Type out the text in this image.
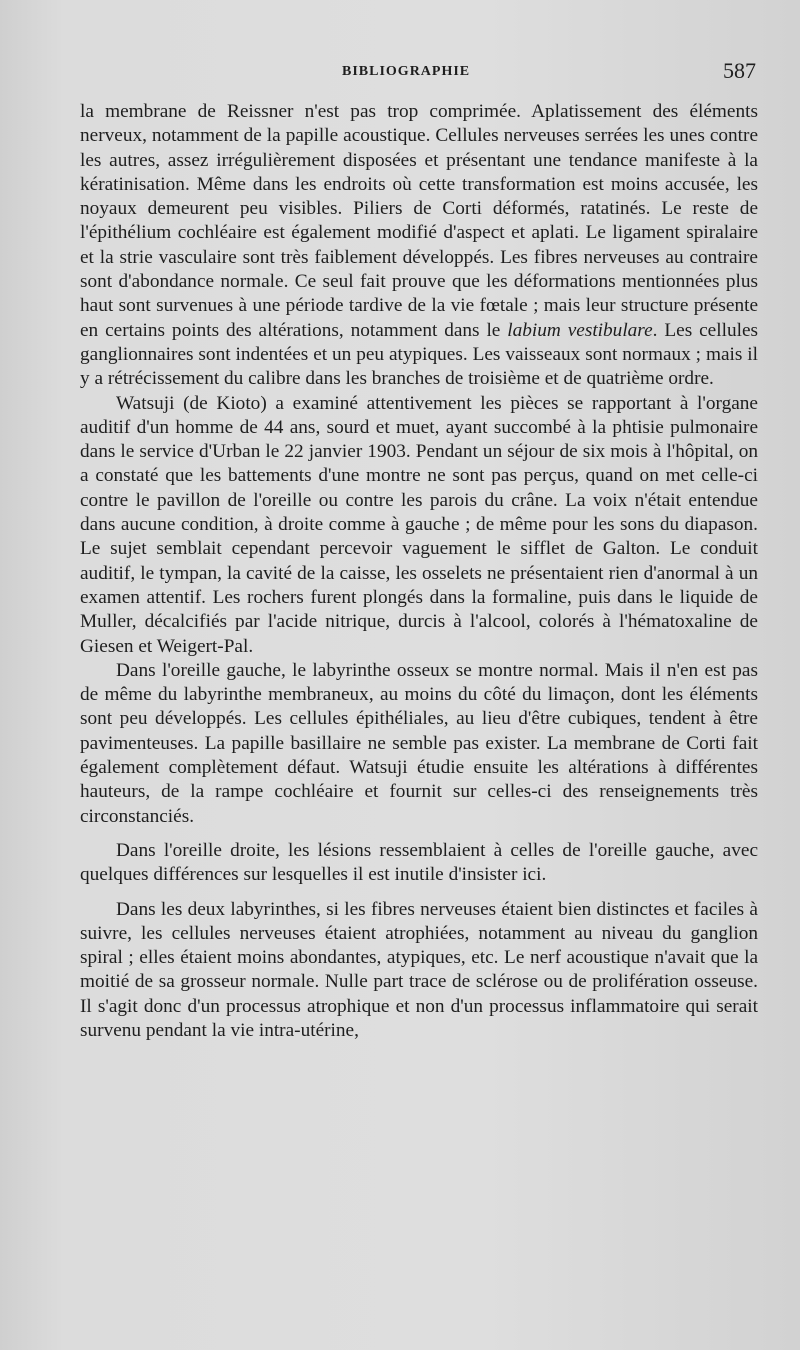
BIBLIOGRAPHIE	587

la membrane de Reissner n'est pas trop comprimée. Aplatissement des éléments nerveux, notamment de la papille acoustique. Cellules nerveuses serrées les unes contre les autres, assez irrégulièrement disposées et présentant une tendance manifeste à la kératinisation. Même dans les endroits où cette transformation est moins accusée, les noyaux demeurent peu visibles. Piliers de Corti déformés, ratatinés. Le reste de l'épithélium cochléaire est également modifié d'aspect et aplati. Le ligament spiralaire et la strie vasculaire sont très faiblement développés. Les fibres nerveuses au contraire sont d'abondance normale. Ce seul fait prouve que les déformations mentionnées plus haut sont survenues à une période tardive de la vie fœtale ; mais leur structure présente en certains points des altérations, notamment dans le labium vestibulare. Les cellules ganglionnaires sont indentées et un peu atypiques. Les vaisseaux sont normaux ; mais il y a rétrécissement du calibre dans les branches de troisième et de quatrième ordre.

Watsuji (de Kioto) a examiné attentivement les pièces se rapportant à l'organe auditif d'un homme de 44 ans, sourd et muet, ayant succombé à la phtisie pulmonaire dans le service d'Urban le 22 janvier 1903. Pendant un séjour de six mois à l'hôpital, on a constaté que les battements d'une montre ne sont pas perçus, quand on met celle-ci contre le pavillon de l'oreille ou contre les parois du crâne. La voix n'était entendue dans aucune condition, à droite comme à gauche ; de même pour les sons du diapason. Le sujet semblait cependant percevoir vaguement le sifflet de Galton. Le conduit auditif, le tympan, la cavité de la caisse, les osselets ne présentaient rien d'anormal à un examen attentif. Les rochers furent plongés dans la formaline, puis dans le liquide de Muller, décalcifiés par l'acide nitrique, durcis à l'alcool, colorés à l'hématoxaline de Giesen et Weigert-Pal.

Dans l'oreille gauche, le labyrinthe osseux se montre normal. Mais il n'en est pas de même du labyrinthe membraneux, au moins du côté du limaçon, dont les éléments sont peu développés. Les cellules épithéliales, au lieu d'être cubiques, tendent à être pavimenteuses. La papille basillaire ne semble pas exister. La membrane de Corti fait également complètement défaut. Watsuji étudie ensuite les altérations à différentes hauteurs, de la rampe cochléaire et fournit sur celles-ci des renseignements très circonstanciés.

Dans l'oreille droite, les lésions ressemblaient à celles de l'oreille gauche, avec quelques différences sur lesquelles il est inutile d'insister ici.

Dans les deux labyrinthes, si les fibres nerveuses étaient bien distinctes et faciles à suivre, les cellules nerveuses étaient atrophiées, notamment au niveau du ganglion spiral ; elles étaient moins abondantes, atypiques, etc. Le nerf acoustique n'avait que la moitié de sa grosseur normale. Nulle part trace de sclérose ou de prolifération osseuse. Il s'agit donc d'un processus atrophique et non d'un processus inflammatoire qui serait survenu pendant la vie intra-utérine,
